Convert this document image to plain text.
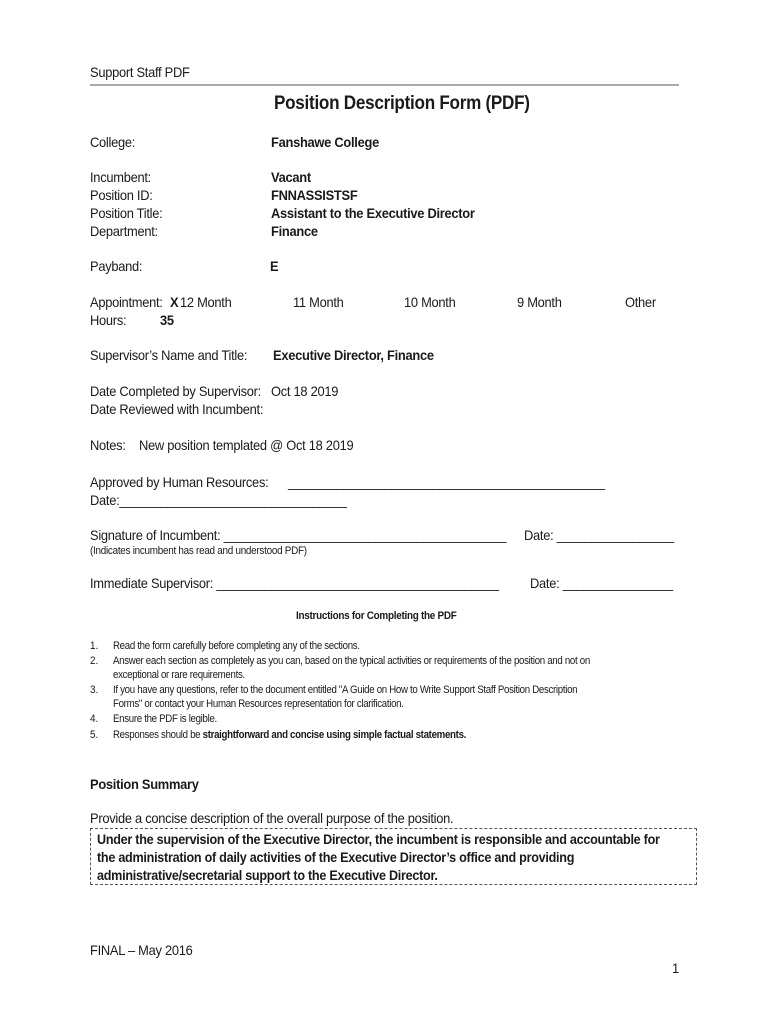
Support Staff PDF
Position Description Form (PDF)
College:	Fanshawe College
Incumbent:	Vacant
Position ID:	FNNASSISTSF
Position Title:	Assistant to the Executive Director
Department:	Finance
Payband:	E
Appointment: X 12 Month	11 Month	10 Month	9 Month	Other
Hours: 35
Supervisor’s Name and Title: Executive Director, Finance
Date Completed by Supervisor: Oct 18 2019
Date Reviewed with Incumbent:
Notes: New position templated @ Oct 18 2019
Approved by Human Resources: ______________________________________________
Date:_________________________________
Signature of Incumbent: _________________________________________ Date: _________________
(Indicates incumbent has read and understood PDF)
Immediate Supervisor: _________________________________________ Date: ________________
Instructions for Completing the PDF
1. Read the form carefully before completing any of the sections.
2. Answer each section as completely as you can, based on the typical activities or requirements of the position and not on
exceptional or rare requirements.
3. If you have any questions, refer to the document entitled "A Guide on How to Write Support Staff Position Description
Forms" or contact your Human Resources representation for clarification.
4. Ensure the PDF is legible.
5. Responses should be straightforward and concise using simple factual statements.
Position Summary
Provide a concise description of the overall purpose of the position.
Under the supervision of the Executive Director, the incumbent is responsible and accountable for the administration of daily activities of the Executive Director’s office and providing administrative/secretarial support to the Executive Director.
FINAL – May 2016
1
